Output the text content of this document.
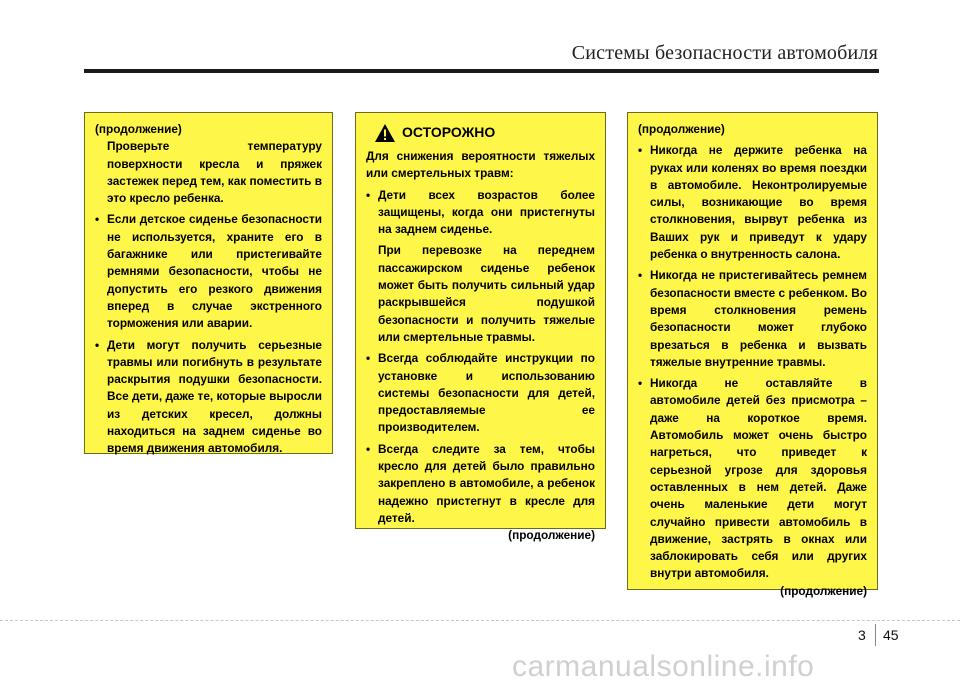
Системы безопасности автомобиля
(продолжение)
Проверьте температуру поверхности кресла и пряжек застежек перед тем, как поместить в это кресло ребенка.
• Если детское сиденье безопасности не используется, храните его в багажнике или пристегивайте ремнями безопасности, чтобы не допустить его резкого движения вперед в случае экстренного торможения или аварии.
• Дети могут получить серьезные травмы или погибнуть в результате раскрытия подушки безопасности. Все дети, даже те, которые выросли из детских кресел, должны находиться на заднем сиденье во время движения автомобиля.
ОСТОРОЖНО
Для снижения вероятности тяжелых или смертельных травм:
• Дети всех возрастов более защищены, когда они пристегнуты на заднем сиденье.
При перевозке на переднем пассажирском сиденье ребенок может быть получить сильный удар раскрывшейся подушкой безопасности и получить тяжелые или смертельные травмы.
• Всегда соблюдайте инструкции по установке и использованию системы безопасности для детей, предоставляемые ее производителем.
• Всегда следите за тем, чтобы кресло для детей было правильно закреплено в автомобиле, а ребенок надежно пристегнут в кресле для детей.
(продолжение)
(продолжение)
• Никогда не держите ребенка на руках или коленях во время поездки в автомобиле. Неконтролируемые силы, возникающие во время столкновения, вырвут ребенка из Ваших рук и приведут к удару ребенка о внутренность салона.
• Никогда не пристегивайтесь ремнем безопасности вместе с ребенком. Во время столкновения ремень безопасности может глубоко врезаться в ребенка и вызвать тяжелые внутренние травмы.
• Никогда не оставляйте в автомобиле детей без присмотра – даже на короткое время. Автомобиль может очень быстро нагреться, что приведет к серьезной угрозе для здоровья оставленных в нем детей. Даже очень маленькие дети могут случайно привести автомобиль в движение, застрять в окнах или заблокировать себя или других внутри автомобиля.
(продолжение)
3 45
carmanualsonline.info
